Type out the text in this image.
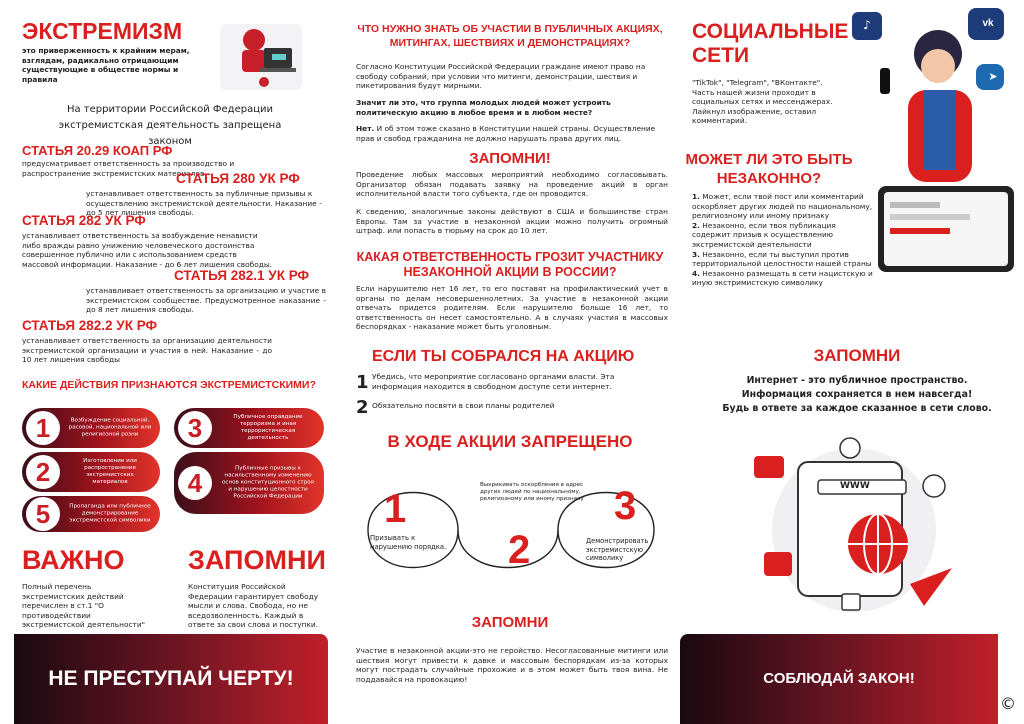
ЭКСТРЕМИЗМ
это приверженность к крайним мерам, взглядам, радикально отрицающим существующие в обществе нормы и правила
На территории Российской Федерации экстремистская деятельность запрещена законом
СТАТЬЯ 20.29 КОАП РФ
предусматривает ответственность за производство и распространение экстремистских материалов.
СТАТЬЯ 280 УК РФ
устанавливает ответственность за публичные призывы к осуществлению экстремистской деятельности. Наказание - до 5 лет лишения свободы.
СТАТЬЯ 282 УК РФ
устанавливает ответственность за возбуждение ненависти либо вражды равно унижению человеческого достоинства совершенное публично или с использованием средств массовой информации. Наказание - до 6 лет лишения свободы.
СТАТЬЯ 282.1 УК РФ
устанавливает ответственность за организацию и участие в экстремистском сообществе. Предусмотренное наказание - до 8 лет лишения свободы.
СТАТЬЯ 282.2 УК РФ
устанавливает ответственность за организацию деятельности экстремистской организации и участия в ней. Наказание - до 10 лет лишения свободы
КАКИЕ ДЕЙСТВИЯ ПРИЗНАЮТСЯ ЭКСТРЕМИСТСКИМИ?
1	Возбуждение социальной, расовой, национальной или религиозной розни	3	Публичное оправдание терроризма и иная террористическая деятельность
2	Изготовление или распространение экстремистских материалов	4	Публичные призывы к насильственному изменению основ конституционного строя и нарушению целостности Российской Федерации
5	Пропаганда или публичное демонстрирование экстремистской символики
ВАЖНО
Полный перечень экстремистских действий перечислен в ст.1 "О противодействии экстремистской деятельности"
ЗАПОМНИ
Конституция Российской Федерации гарантирует свободу мысли и слова. Свобода, но не вседозволенность. Каждый в ответе за свои слова и поступки.
НЕ ПРЕСТУПАЙ ЧЕРТУ!
ЧТО НУЖНО ЗНАТЬ ОБ УЧАСТИИ В ПУБЛИЧНЫХ АКЦИЯХ, МИТИНГАХ, ШЕСТВИЯХ И ДЕМОНСТРАЦИЯХ?
Согласно Конституции Российской Федерации граждане имеют право на свободу собраний, при условии что митинги, демонстрации, шествия и пикетирования будут мирными.
Значит ли это, что группа молодых людей может устроить политическую акцию в любое время и в любом месте?
Нет. И об этом тоже сказано в Конституции нашей страны. Осуществление прав и свобод гражданина не должно нарушать права других лиц.
ЗАПОМНИ!
Проведение любых массовых мероприятий необходимо согласовывать. Организатор обязан подавать заявку на проведение акций в орган исполнительной власти того субъекта, где он проводится.
К сведению, аналогичные законы действуют в США и большинстве стран Европы. Там за участие в незаконной акции можно получить огромный штраф. или попасть в тюрьму на срок до 10 лет.
КАКАЯ ОТВЕТСТВЕННОСТЬ ГРОЗИТ УЧАСТНИКУ НЕЗАКОННОЙ АКЦИИ В РОССИИ?
Если нарушителю нет 16 лет, то его поставят на профилактический учет в органы по делам несовершеннолетних. За участие в незаконной акции отвечать придется родителям. Если нарушителю больше 16 лет, то ответственность он несет самостоятельно. А в случаях участия в массовых беспорядках - наказание может быть уголовным.
ЕСЛИ ТЫ СОБРАЛСЯ НА АКЦИЮ
1 Убедись, что мероприятие согласовано органами власти. Эта информация находится в свободном доступе сети интернет.
2 Обязательно посвяти в свои планы родителей
В ХОДЕ АКЦИИ ЗАПРЕЩЕНО
1
Призывать к нарушению порядка.
Выкрикивать оскорбления в адрес других людей по национальному, религиозному или иному признаку
2
3
Демонстрировать экстремистскую символику
ЗАПОМНИ
Участие в незаконной акции-это не геройство. Несогласованные митинги или шествия могут привести к давке и массовым беспорядкам из-за которых могут пострадать случайные прохожие и в этом может быть твоя вина. Не поддавайся на провокацию!
СОЦИАЛЬНЫЕ СЕТИ
"TikTok", "Telegram", "ВКонтакте". Часть нашей жизни проходит в социальных сетях и мессенджерах. Лайкнул изображение, оставил комментарий.
♪	vk
➤
МОЖЕТ ЛИ ЭТО БЫТЬ НЕЗАКОННО?
1. Может, если твой пост или комментарий оскорбляет других людей по национальному, религиозному или иному признаку
2. Незаконно, если твоя публикация содержит призыв к осуществлению экстремистской деятельности
3. Незаконно, если ты выступил против территориальной целостности нашей страны
4. Незаконно размещать в сети нацистскую и иную экстримистскую символику
ЗАПОМНИ
Интернет - это публичное пространство.
Информация сохраняется в нем навсегда!
Будь в ответе за каждое сказанное в сети слово.
WWW
СОБЛЮДАЙ ЗАКОН!
©
